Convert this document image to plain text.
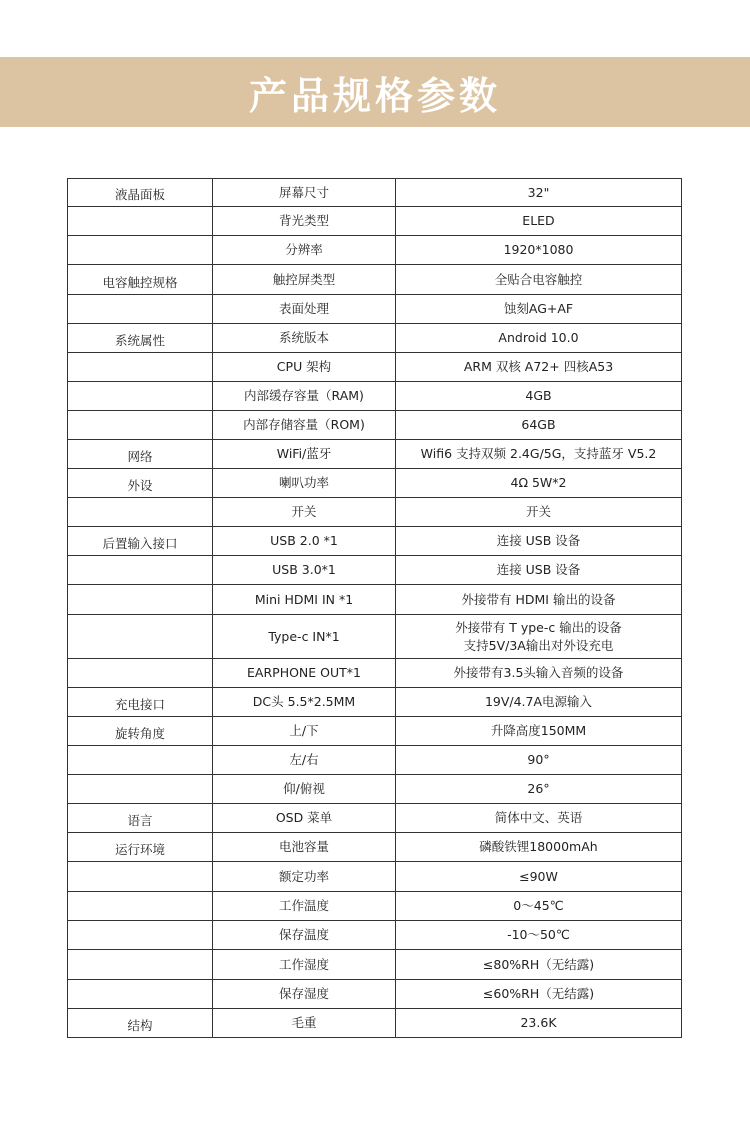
产品规格参数
液晶面板	屏幕尺寸	32"

	背光类型	ELED

	分辨率	1920*1080

电容触控规格	触控屏类型	全贴合电容触控

	表面处理	蚀刻AG+AF

系统属性	系统版本	Android 10.0

	CPU 架构	ARM 双核 A72+ 四核A53

	内部缓存容量（RAM)	4GB

	内部存储容量（ROM)	64GB

网络	WiFi/蓝牙	Wifi6 支持双频 2.4G/5G，支持蓝牙 V5.2

外设	喇叭功率	4Ω 5W*2

	开关	开关

后置输入接口	USB 2.0 *1	连接 USB 设备

	USB 3.0*1	连接 USB 设备

	Mini HDMI IN *1	外接带有 HDMI 输出的设备

	Type-c IN*1	外接带有 T ype-c 输出的设备
支持5V/3A输出对外设充电

	EARPHONE OUT*1	外接带有3.5头输入音频的设备

充电接口	DC头 5.5*2.5MM	19V/4.7A电源输入

旋转角度	上/下	升降高度150MM

	左/右	90°

	仰/俯视	26°

语言	OSD 菜单	简体中文、英语

运行环境	电池容量	磷酸铁锂18000mAh

	额定功率	≤90W

	工作温度	0～45℃

	保存温度	-10～50℃

	工作湿度	≤80%RH（无结露)

	保存湿度	≤60%RH（无结露)

结构	毛重	23.6K
